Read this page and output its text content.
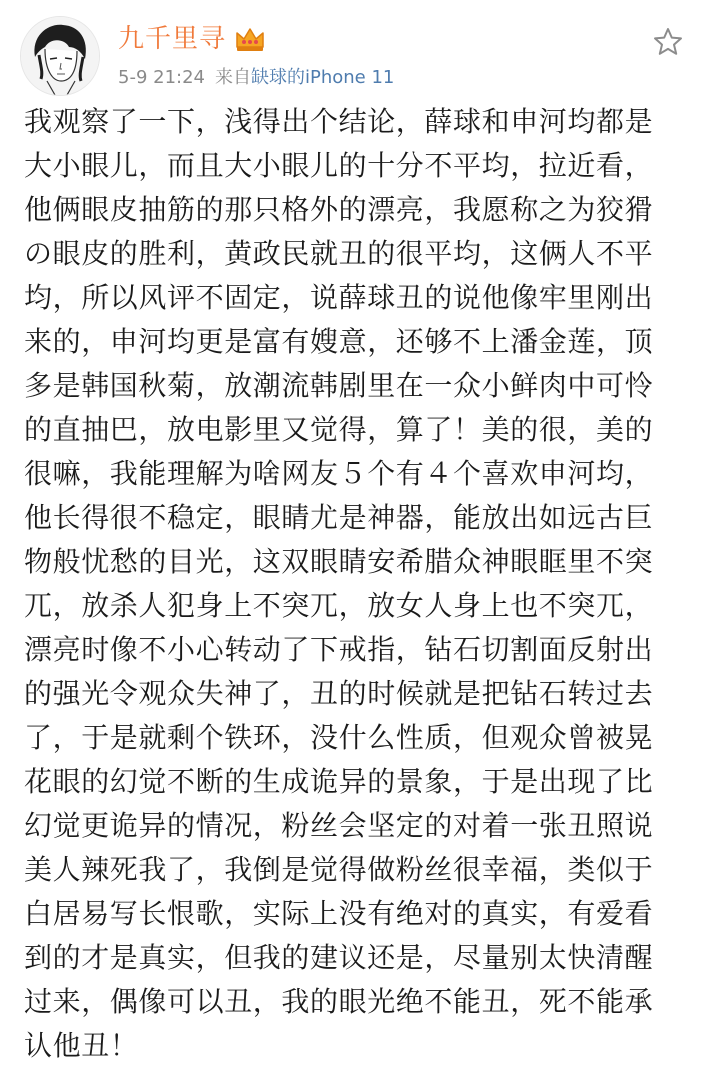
九千里寻
5-9 21:24 来自缺球的iPhone 11
我观察了一下，浅得出个结论，薛球和申河均都是
大小眼儿，而且大小眼儿的十分不平均，拉近看，
他俩眼皮抽筋的那只格外的漂亮，我愿称之为狡猾
の眼皮的胜利，黄政民就丑的很平均，这俩人不平
均，所以风评不固定，说薛球丑的说他像牢里刚出
来的，申河均更是富有嫂意，还够不上潘金莲，顶
多是韩国秋菊，放潮流韩剧里在一众小鲜肉中可怜
的直抽巴，放电影里又觉得，算了！美的很，美的
很嘛，我能理解为啥网友５个有４个喜欢申河均，
他长得很不稳定，眼睛尤是神器，能放出如远古巨
物般忧愁的目光，这双眼睛安希腊众神眼眶里不突
兀，放杀人犯身上不突兀，放女人身上也不突兀，
漂亮时像不小心转动了下戒指，钻石切割面反射出
的强光令观众失神了，丑的时候就是把钻石转过去
了，于是就剩个铁环，没什么性质，但观众曾被晃
花眼的幻觉不断的生成诡异的景象，于是出现了比
幻觉更诡异的情况，粉丝会坚定的对着一张丑照说
美人辣死我了，我倒是觉得做粉丝很幸福，类似于
白居易写长恨歌，实际上没有绝对的真实，有爱看
到的才是真实，但我的建议还是，尽量别太快清醒
过来，偶像可以丑，我的眼光绝不能丑，死不能承
认他丑！
